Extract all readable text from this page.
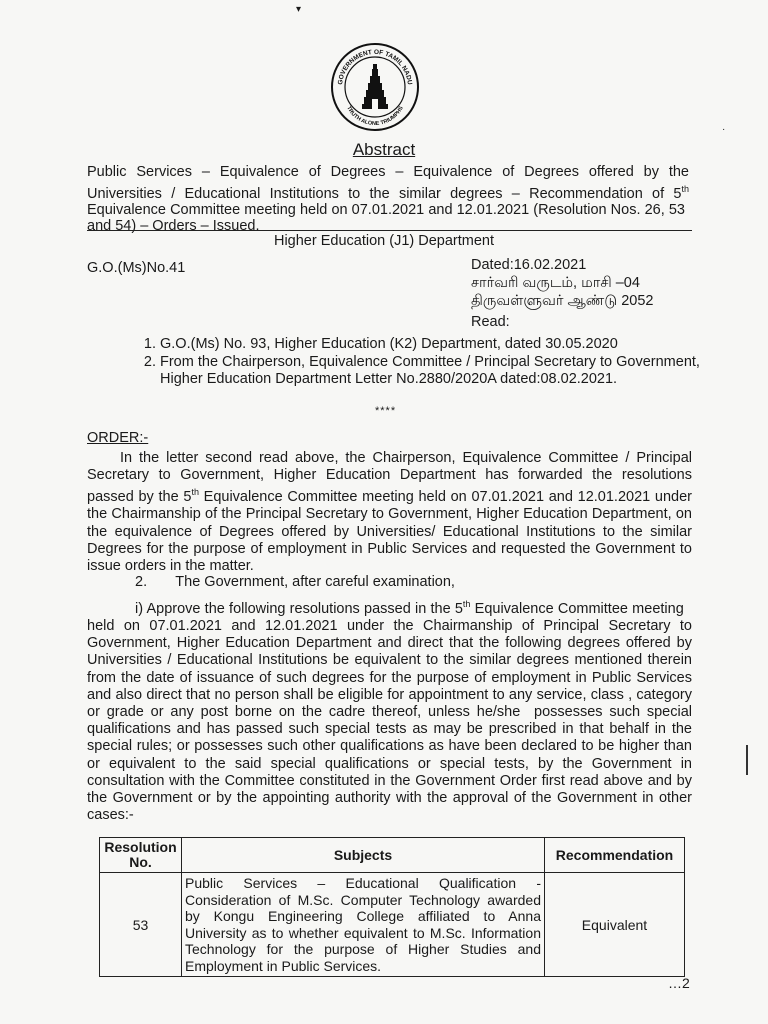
▾
·
GOVERNMENT OF TAMIL NADU
TRUTH ALONE TRIUMPHS
Abstract
Public Services – Equivalence of Degrees – Equivalence of Degrees offered by the Universities / Educational Institutions to the similar degrees – Recommendation of 5th Equivalence Committee meeting held on 07.01.2021 and 12.01.2021 (Resolution Nos. 26, 53  and 54) – Orders – Issued.
Higher Education (J1) Department
G.O.(Ms)No.41	Dated:16.02.2021
சார்வரி வருடம், மாசி –04
திருவள்ளுவர் ஆண்டு 2052
Read:
1. G.O.(Ms) No. 93, Higher Education (K2) Department, dated 30.05.2020
2. From the Chairperson, Equivalence Committee / Principal Secretary to Government, Higher Education Department Letter No.2880/2020A dated:08.02.2021.
****
ORDER:-
In the letter second read above, the Chairperson, Equivalence Committee / Principal Secretary to Government, Higher Education Department has forwarded the resolutions passed by the 5th Equivalence Committee meeting held on 07.01.2021 and 12.01.2021 under the Chairmanship of the Principal Secretary to Government, Higher Education Department, on the equivalence of Degrees offered by Universities/ Educational Institutions to the similar Degrees for the purpose of employment in Public Services and requested the Government to issue orders in the matter.
2.       The Government, after careful examination,
i) Approve the following resolutions passed in the 5th Equivalence Committee meeting   held on 07.01.2021 and 12.01.2021 under the Chairmanship of Principal Secretary to Government, Higher Education Department and direct that the following degrees offered by Universities / Educational Institutions be equivalent to the similar degrees mentioned therein from the date of issuance of such degrees for the purpose of employment in Public Services and also direct that no person shall be eligible for appointment to any service, class , category or grade or any post borne on the cadre thereof, unless he/she  possesses such special qualifications and has passed such special tests as may be prescribed in that behalf in the special rules; or possesses such other qualifications as have been declared to be higher than or equivalent to the said special qualifications or special tests, by the Government in consultation with the Committee constituted in the Government Order first read above and by the Government or by the appointing authority with the approval of the Government in other cases:-
Resolution No.	Subjects	Recommendation
53	Public Services – Educational Qualification - Consideration of M.Sc. Computer Technology awarded by Kongu Engineering College affiliated to Anna University as to whether equivalent to M.Sc. Information Technology for the purpose of Higher Studies and Employment in Public Services.	Equivalent
…2
